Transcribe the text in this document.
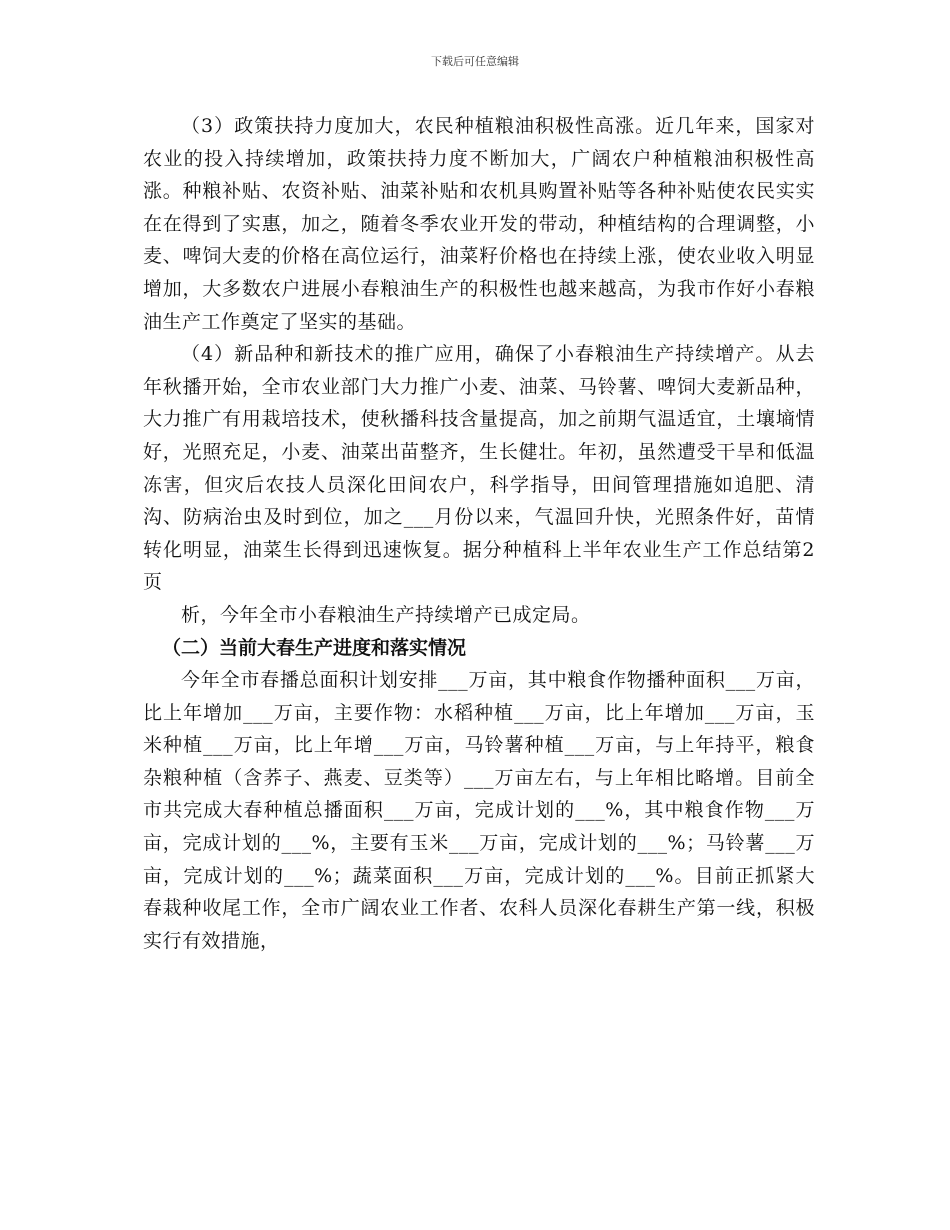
下载后可任意编辑

（3）政策扶持力度加大，农民种植粮油积极性高涨。近几年来，国家对农业的投入持续增加，政策扶持力度不断加大，广阔农户种植粮油积极性高涨。种粮补贴、农资补贴、油菜补贴和农机具购置补贴等各种补贴使农民实实在在得到了实惠，加之，随着冬季农业开发的带动，种植结构的合理调整，小麦、啤饲大麦的价格在高位运行，油菜籽价格也在持续上涨，使农业收入明显增加，大多数农户进展小春粮油生产的积极性也越来越高，为我市作好小春粮油生产工作奠定了坚实的基础。

（4）新品种和新技术的推广应用，确保了小春粮油生产持续增产。从去年秋播开始，全市农业部门大力推广小麦、油菜、马铃薯、啤饲大麦新品种，大力推广有用栽培技术，使秋播科技含量提高，加之前期气温适宜，土壤墒情好，光照充足，小麦、油菜出苗整齐，生长健壮。年初，虽然遭受干旱和低温冻害，但灾后农技人员深化田间农户，科学指导，田间管理措施如追肥、清沟、防病治虫及时到位，加之___月份以来，气温回升快，光照条件好，苗情转化明显，油菜生长得到迅速恢复。据分种植科上半年农业生产工作总结第2页

析，今年全市小春粮油生产持续增产已成定局。

（二）当前大春生产进度和落实情况

今年全市春播总面积计划安排___万亩，其中粮食作物播种面积___万亩，比上年增加___万亩，主要作物：水稻种植___万亩，比上年增加___万亩，玉米种植___万亩，比上年增___万亩，马铃薯种植___万亩，与上年持平，粮食杂粮种植（含荞子、燕麦、豆类等）___万亩左右，与上年相比略增。目前全市共完成大春种植总播面积___万亩，完成计划的___%，其中粮食作物___万亩，完成计划的___%，主要有玉米___万亩，完成计划的___%；马铃薯___万亩，完成计划的___%；蔬菜面积___万亩，完成计划的___%。目前正抓紧大春栽种收尾工作，全市广阔农业工作者、农科人员深化春耕生产第一线，积极实行有效措施，
